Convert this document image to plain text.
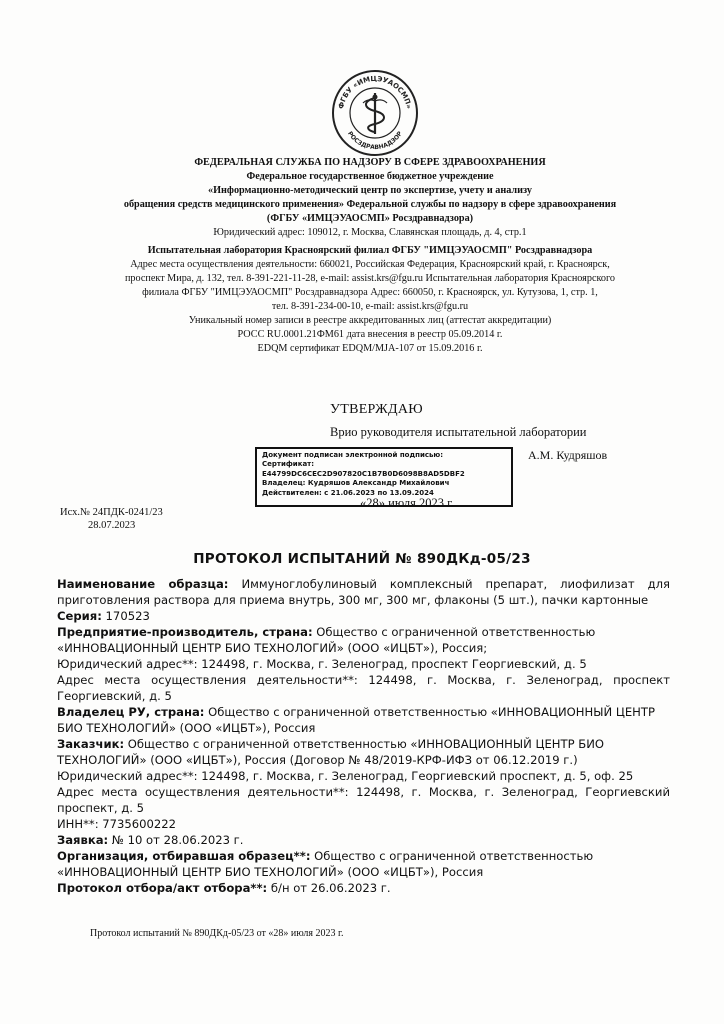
ФГБУ «ИМЦЭУАОСМП»
РОСЗДРАВНАДЗОР
ФЕДЕРАЛЬНАЯ СЛУЖБА ПО НАДЗОРУ В СФЕРЕ ЗДРАВООХРАНЕНИЯ
Федеральное государственное бюджетное учреждение
«Информационно-методический центр по экспертизе, учету и анализу
обращения средств медицинского применения» Федеральной службы по надзору в сфере здравоохранения
(ФГБУ «ИМЦЭУАОСМП» Росздравнадзора)
Юридический адрес: 109012, г. Москва, Славянская площадь, д. 4, стр.1
Испытательная лаборатория Красноярский филиал ФГБУ "ИМЦЭУАОСМП" Росздравнадзора
Адрес места осуществления деятельности: 660021, Российская Федерация, Красноярский край, г. Красноярск,
проспект Мира, д. 132, тел. 8-391-221-11-28, e-mail: assist.krs@fgu.ru Испытательная лаборатория Красноярского
филиала ФГБУ "ИМЦЭУАОСМП" Росздравнадзора Адрес: 660050, г. Красноярск, ул. Кутузова, 1, стр. 1,
тел. 8-391-234-00-10, e-mail: assist.krs@fgu.ru
Уникальный номер записи в реестре аккредитованных лиц (аттестат аккредитации)
РОСС RU.0001.21ФМ61 дата внесения в реестр 05.09.2014 г.
EDQM сертификат EDQM/MJA-107 от 15.09.2016 г.
УТВЕРЖДАЮ
Врио руководителя испытательной лаборатории
Документ подписан электронной подписью:
Сертификат:
E44799DC6CEC2D907820C1B7B0D6098B8AD5DBF2
Владелец: Кудряшов Александр Михайлович
Действителен: с 21.06.2023 по 13.09.2024
А.М. Кудряшов
«28» июля 2023 г.
Исх.№ 24ПДК-0241/23
28.07.2023
ПРОТОКОЛ ИСПЫТАНИЙ № 890ДКд-05/23

Наименование образца: Иммуноглобулиновый комплексный препарат, лиофилизат для

приготовления раствора для приема внутрь, 300 мг, 300 мг, флаконы (5 шт.), пачки картонные

Серия: 170523

Предприятие-производитель, страна: Общество с ограниченной ответственностью

«ИННОВАЦИОННЫЙ ЦЕНТР БИО ТЕХНОЛОГИЙ» (ООО «ИЦБТ»), Россия;

Юридический адрес**: 124498, г. Москва, г. Зеленоград, проспект Георгиевский, д. 5

Адрес места осуществления деятельности**: 124498, г. Москва, г. Зеленоград, проспект

Георгиевский, д. 5

Владелец РУ, страна: Общество с ограниченной ответственностью «ИННОВАЦИОННЫЙ ЦЕНТР

БИО ТЕХНОЛОГИЙ» (ООО «ИЦБТ»), Россия

Заказчик: Общество с ограниченной ответственностью «ИННОВАЦИОННЫЙ ЦЕНТР БИО

ТЕХНОЛОГИЙ» (ООО «ИЦБТ»), Россия (Договор № 48/2019-КРФ-ИФЗ от 06.12.2019 г.)

Юридический адрес**: 124498, г. Москва, г. Зеленоград, Георгиевский проспект, д. 5, оф. 25

Адрес места осуществления деятельности**: 124498, г. Москва, г. Зеленоград, Георгиевский

проспект, д. 5

ИНН**: 7735600222

Заявка: № 10 от 28.06.2023 г.

Организация, отбиравшая образец**: Общество с ограниченной ответственностью

«ИННОВАЦИОННЫЙ ЦЕНТР БИО ТЕХНОЛОГИЙ» (ООО «ИЦБТ»), Россия

Протокол отбора/акт отбора**: б/н от 26.06.2023 г.

Протокол испытаний № 890ДКд-05/23 от «28» июля 2023 г.
